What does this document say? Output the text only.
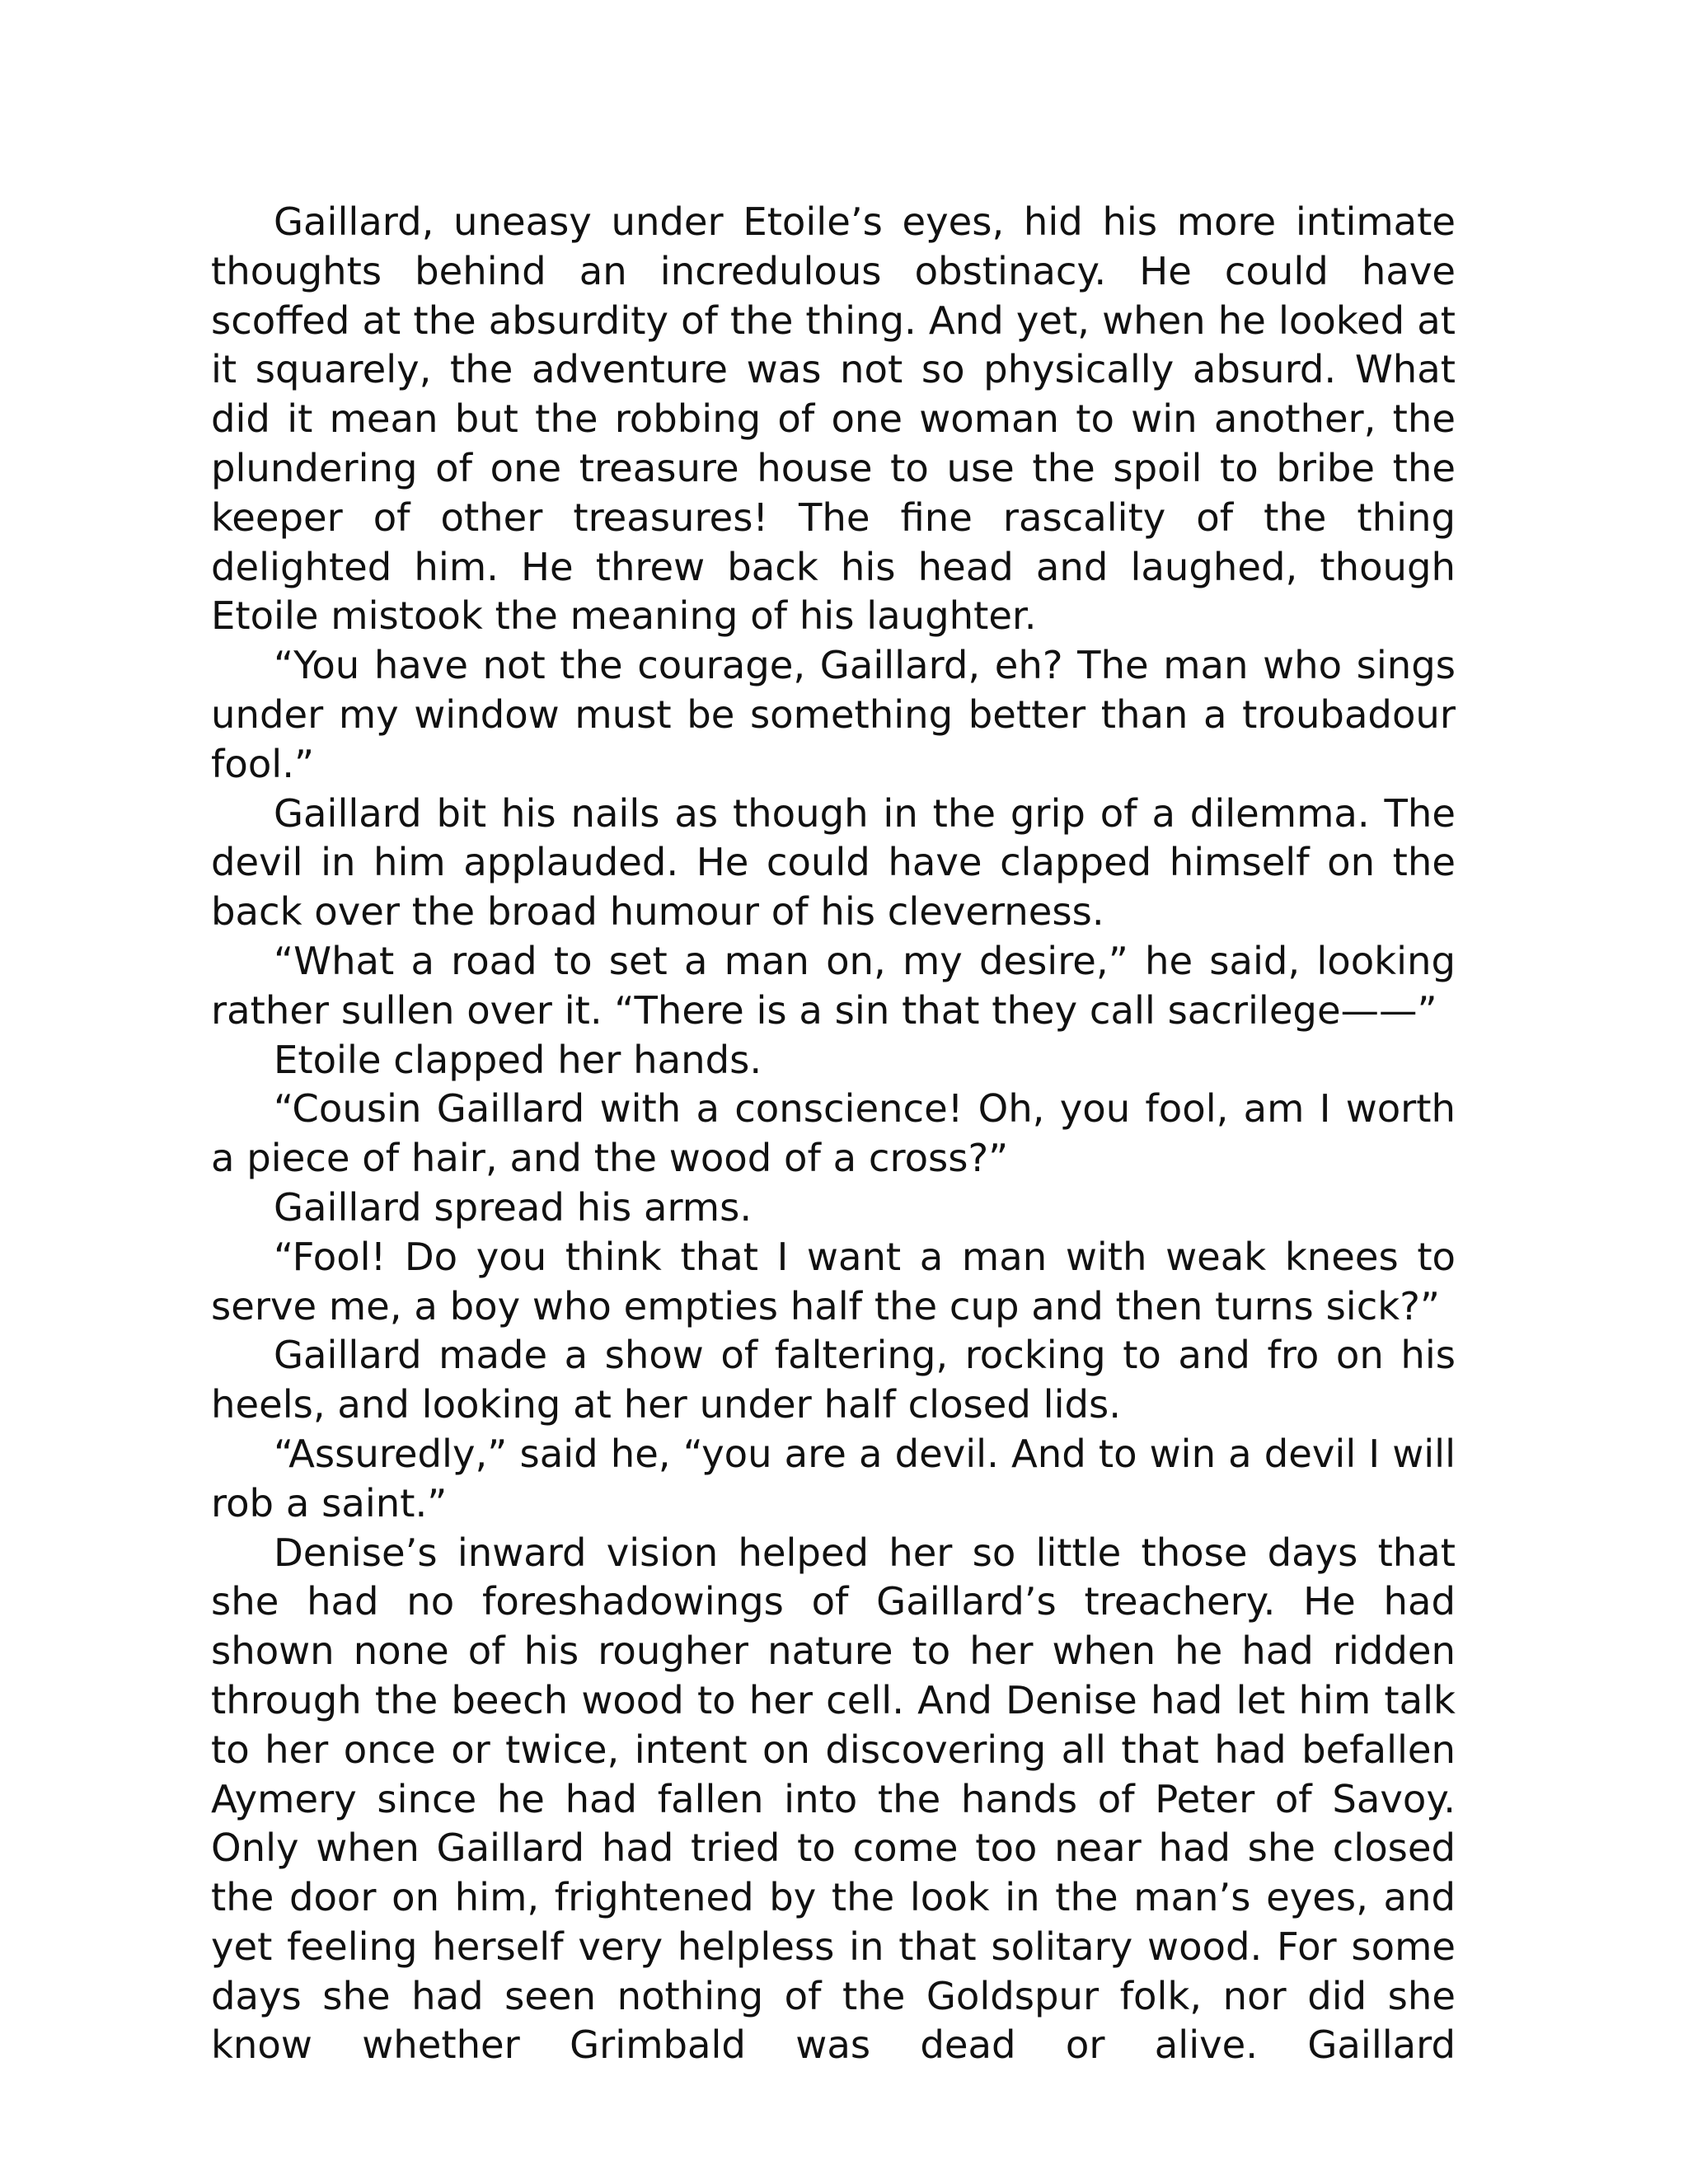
Gaillard, uneasy under Etoile’s eyes, hid his more intimate thoughts behind an incredulous obstinacy. He could have scoffed at the absurdity of the thing. And yet, when he looked at it squarely, the adventure was not so physically absurd. What did it mean but the robbing of one woman to win another, the plundering of one treasure house to use the spoil to bribe the keeper of other treasures! The fine rascality of the thing delighted him. He threw back his head and laughed, though Etoile mistook the meaning of his laughter.

“You have not the courage, Gaillard, eh? The man who sings under my window must be something better than a troubadour fool.”

Gaillard bit his nails as though in the grip of a dilemma. The devil in him applauded. He could have clapped himself on the back over the broad humour of his cleverness.

“What a road to set a man on, my desire,” he said, looking rather sullen over it. “There is a sin that they call sacrilege——”

Etoile clapped her hands.

“Cousin Gaillard with a conscience! Oh, you fool, am I worth a piece of hair, and the wood of a cross?”

Gaillard spread his arms.

“Fool! Do you think that I want a man with weak knees to serve me, a boy who empties half the cup and then turns sick?”

Gaillard made a show of faltering, rocking to and fro on his heels, and looking at her under half closed lids.

“Assuredly,” said he, “you are a devil. And to win a devil I will rob a saint.”

Denise’s inward vision helped her so little those days that she had no foreshadowings of Gaillard’s treachery. He had shown none of his rougher nature to her when he had ridden through the beech wood to her cell. And Denise had let him talk to her once or twice, intent on discovering all that had befallen Aymery since he had fallen into the hands of Peter of Savoy. Only when Gaillard had tried to come too near had she closed the door on him, frightened by the look in the man’s eyes, and yet feeling herself very helpless in that solitary wood. For some days she had seen nothing of the Goldspur folk, nor did she know whether Grimbald was dead or alive. Gaillard
